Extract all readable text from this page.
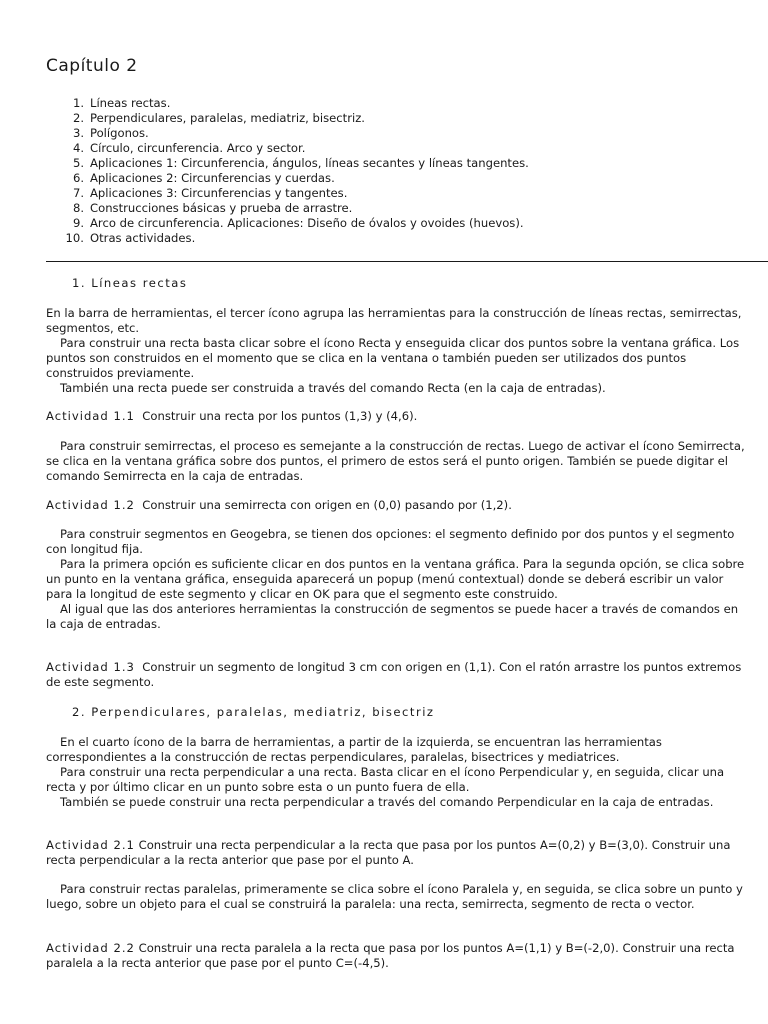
Capítulo 2
1. Líneas rectas.
2. Perpendiculares, paralelas, mediatriz, bisectriz.
3. Polígonos.
4. Círculo, circunferencia. Arco y sector.
5. Aplicaciones 1: Circunferencia, ángulos, líneas secantes y líneas tangentes.
6. Aplicaciones 2: Circunferencias y cuerdas.
7. Aplicaciones 3: Circunferencias y tangentes.
8. Construcciones básicas y prueba de arrastre.
9. Arco de circunferencia. Aplicaciones: Diseño de óvalos y ovoides (huevos).
10. Otras actividades.
1. Líneas rectas

En la barra de herramientas, el tercer ícono agrupa las herramientas para la construcción de líneas rectas, semirrectas, segmentos, etc.
Para construir una recta basta clicar sobre el ícono Recta y enseguida clicar dos puntos sobre la ventana gráfica. Los puntos son construidos en el momento que se clica en la ventana o también pueden ser utilizados dos puntos construidos previamente.
También una recta puede ser construida a través del comando Recta (en la caja de entradas).

Actividad 1.1 Construir una recta por los puntos (1,3) y (4,6).

Para construir semirrectas, el proceso es semejante a la construcción de rectas. Luego de activar el ícono Semirrecta, se clica en la ventana gráfica sobre dos puntos, el primero de estos será el punto origen. También se puede digitar el comando Semirrecta en la caja de entradas.

Actividad 1.2 Construir una semirrecta con origen en (0,0) pasando por (1,2).

Para construir segmentos en Geogebra, se tienen dos opciones: el segmento definido por dos puntos y el segmento con longitud fija.
Para la primera opción es suficiente clicar en dos puntos en la ventana gráfica. Para la segunda opción, se clica sobre un punto en la ventana gráfica, enseguida aparecerá un popup (menú contextual) donde se deberá escribir un valor para la longitud de este segmento y clicar en OK para que el segmento este construido.
Al igual que las dos anteriores herramientas la construcción de segmentos se puede hacer a través de comandos en la caja de entradas.

Actividad 1.3 Construir un segmento de longitud 3 cm con origen en (1,1). Con el ratón arrastre los puntos extremos de este segmento.

2. Perpendiculares, paralelas, mediatriz, bisectriz

En el cuarto ícono de la barra de herramientas, a partir de la izquierda, se encuentran las herramientas correspondientes a la construcción de rectas perpendiculares, paralelas, bisectrices y mediatrices.
Para construir una recta perpendicular a una recta. Basta clicar en el ícono Perpendicular y, en seguida, clicar una recta y por último clicar en un punto sobre esta o un punto fuera de ella.
También se puede construir una recta perpendicular a través del comando Perpendicular en la caja de entradas.

Actividad 2.1 Construir una recta perpendicular a la recta que pasa por los puntos A=(0,2) y B=(3,0). Construir una recta perpendicular a la recta anterior que pase por el punto A.

Para construir rectas paralelas, primeramente se clica sobre el ícono Paralela y, en seguida, se clica sobre un punto y luego, sobre un objeto para el cual se construirá la paralela: una recta, semirrecta, segmento de recta o vector.

Actividad 2.2 Construir una recta paralela a la recta que pasa por los puntos A=(1,1) y B=(-2,0). Construir una recta paralela a la recta anterior que pase por el punto C=(-4,5).
